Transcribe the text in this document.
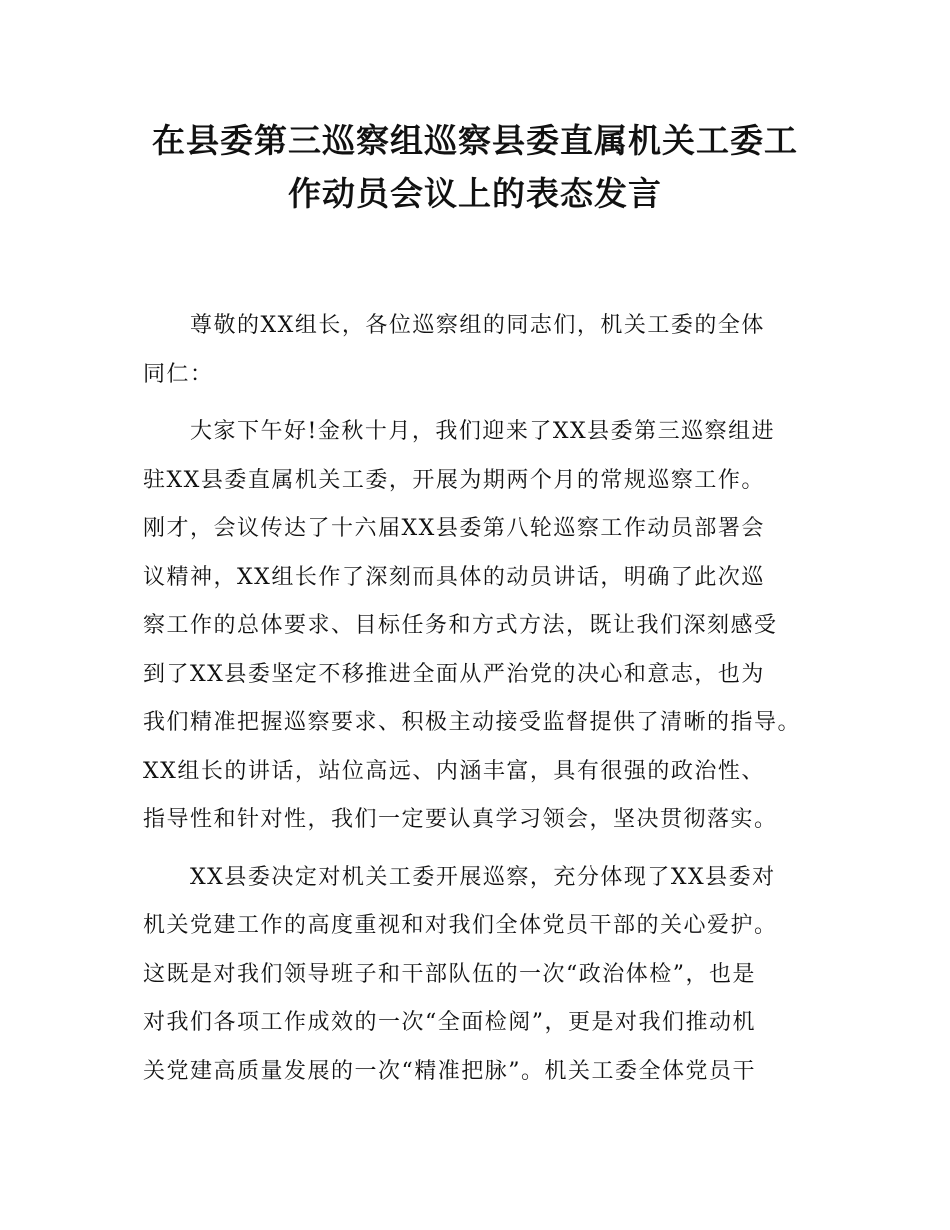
在县委第三巡察组巡察县委直属机关工委工
作动员会议上的表态发言
尊敬的XX组长，各位巡察组的同志们，机关工委的全体
同仁：
大家下午好!金秋十月，我们迎来了XX县委第三巡察组进
驻XX县委直属机关工委，开展为期两个月的常规巡察工作。
刚才，会议传达了十六届XX县委第八轮巡察工作动员部署会
议精神，XX组长作了深刻而具体的动员讲话，明确了此次巡
察工作的总体要求、目标任务和方式方法，既让我们深刻感受
到了XX县委坚定不移推进全面从严治党的决心和意志，也为
我们精准把握巡察要求、积极主动接受监督提供了清晰的指导。
XX组长的讲话，站位高远、内涵丰富，具有很强的政治性、
指导性和针对性，我们一定要认真学习领会，坚决贯彻落实。
XX县委决定对机关工委开展巡察，充分体现了XX县委对
机关党建工作的高度重视和对我们全体党员干部的关心爱护。
这既是对我们领导班子和干部队伍的一次“政治体检”，也是
对我们各项工作成效的一次“全面检阅”，更是对我们推动机
关党建高质量发展的一次“精准把脉”。机关工委全体党员干
